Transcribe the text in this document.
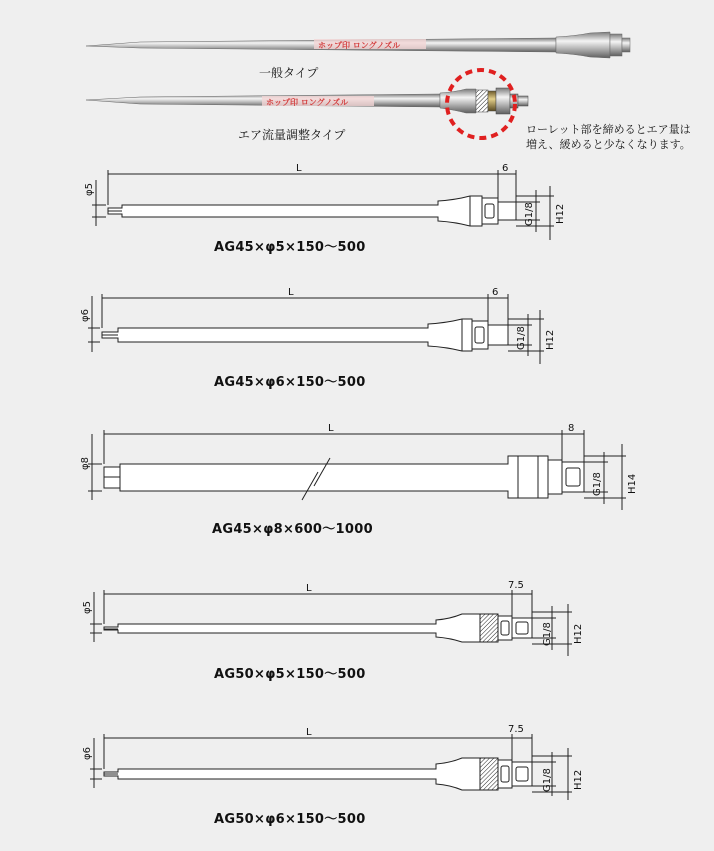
ホップ印 ロングノズル
一般タイプ
ホップ印 ロングノズル
エア流量調整タイプ	ローレット部を締めるとエア量は
増え、緩めると少なくなります。
L	6
φ5
G1/8 H12
AG45×φ5×150～500
L	6
φ6
G1/8 H12
AG45×φ6×150～500
L	8
φ8
G1/8 H14
AG45×φ8×600～1000
L	7.5
φ5
G1/8 H12
AG50×φ5×150～500
L	7.5
φ6
G1/8 H12
AG50×φ6×150～500
